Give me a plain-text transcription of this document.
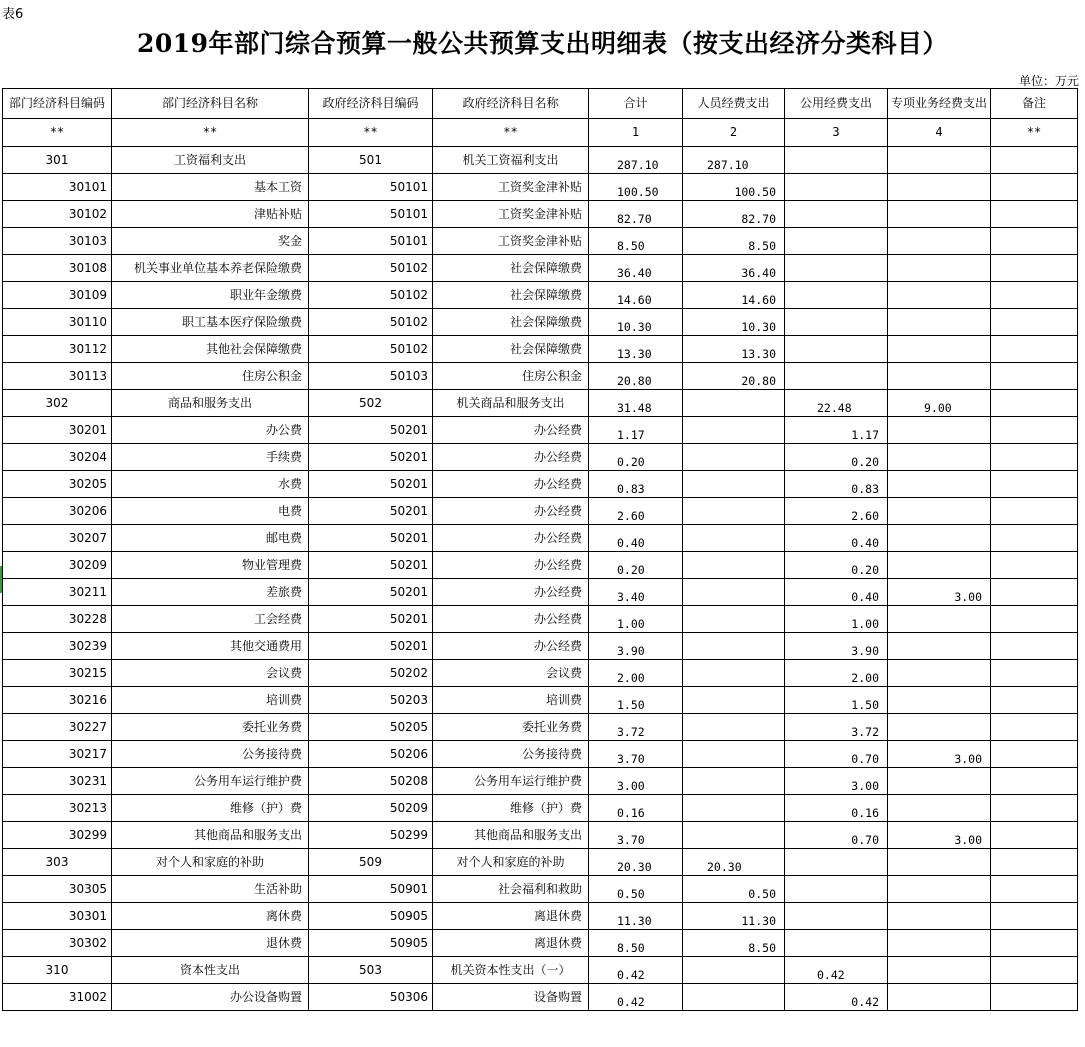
表6
2019年部门综合预算一般公共预算支出明细表（按支出经济分类科目）
单位：万元
部门经济科目编码	部门经济科目名称	政府经济科目编码	政府经济科目名称	合计	人员经费支出	公用经费支出	专项业务经费支出	备注
**	**	**	**	1	2	3	4	**
301	工资福利支出	501	机关工资福利支出	287.10	287.10			
30101	基本工资	50101	工资奖金津补贴	100.50	100.50			
30102	津贴补贴	50101	工资奖金津补贴	82.70	82.70			
30103	奖金	50101	工资奖金津补贴	8.50	8.50			
30108	机关事业单位基本养老保险缴费	50102	社会保障缴费	36.40	36.40			
30109	职业年金缴费	50102	社会保障缴费	14.60	14.60			
30110	职工基本医疗保险缴费	50102	社会保障缴费	10.30	10.30			
30112	其他社会保障缴费	50102	社会保障缴费	13.30	13.30			
30113	住房公积金	50103	住房公积金	20.80	20.80			
302	商品和服务支出	502	机关商品和服务支出	31.48		22.48	9.00	
30201	办公费	50201	办公经费	1.17		1.17		
30204	手续费	50201	办公经费	0.20		0.20		
30205	水费	50201	办公经费	0.83		0.83		
30206	电费	50201	办公经费	2.60		2.60		
30207	邮电费	50201	办公经费	0.40		0.40		
30209	物业管理费	50201	办公经费	0.20		0.20		
30211	差旅费	50201	办公经费	3.40		0.40	3.00	
30228	工会经费	50201	办公经费	1.00		1.00		
30239	其他交通费用	50201	办公经费	3.90		3.90		
30215	会议费	50202	会议费	2.00		2.00		
30216	培训费	50203	培训费	1.50		1.50		
30227	委托业务费	50205	委托业务费	3.72		3.72		
30217	公务接待费	50206	公务接待费	3.70		0.70	3.00	
30231	公务用车运行维护费	50208	公务用车运行维护费	3.00		3.00		
30213	维修（护）费	50209	维修（护）费	0.16		0.16		
30299	其他商品和服务支出	50299	其他商品和服务支出	3.70		0.70	3.00	
303	对个人和家庭的补助	509	对个人和家庭的补助	20.30	20.30			
30305	生活补助	50901	社会福利和救助	0.50	0.50			
30301	离休费	50905	离退休费	11.30	11.30			
30302	退休费	50905	离退休费	8.50	8.50			
310	资本性支出	503	机关资本性支出（一）	0.42		0.42		
31002	办公设备购置	50306	设备购置	0.42		0.42		
